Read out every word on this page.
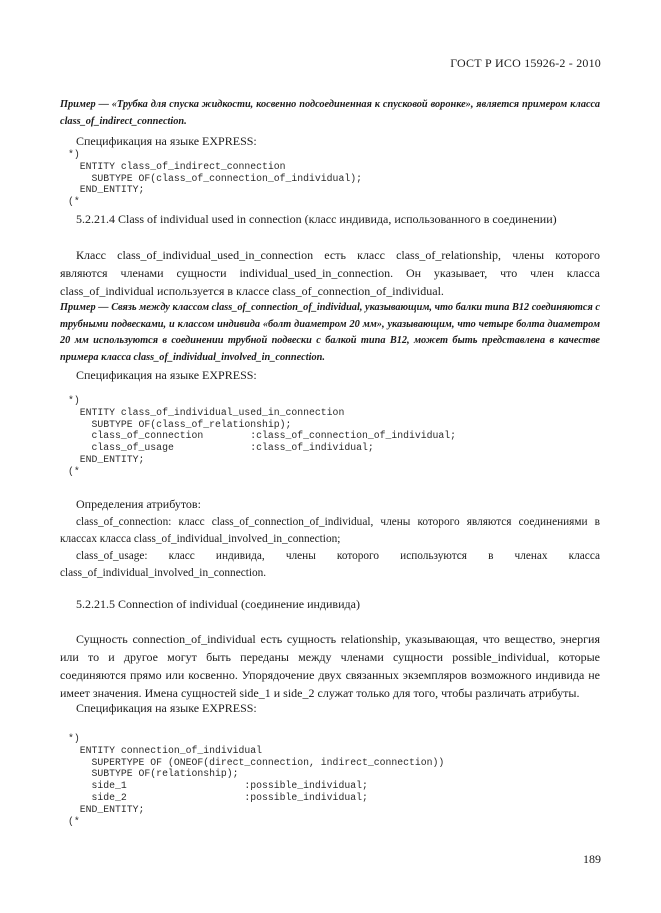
ГОСТ Р ИСО 15926-2 - 2010

Пример — «Трубка для спуска жидкости, косвенно подсоединенная к спусковой воронке», является примером класса class_of_indirect_connection.

Спецификация на языке EXPRESS:
*)
ENTITY class_of_indirect_connection
SUBTYPE OF(class_of_connection_of_individual);
END_ENTITY;
(*
5.2.21.4 Class of individual used in connection (класс индивида, использованного в соединении)

Класс class_of_individual_used_in_connection есть класс class_of_relationship, члены которого являются членами сущности individual_used_in_connection. Он указывает, что член класса class_of_individual используется в классе class_of_connection_of_individual.

Пример — Связь между классом class_of_connection_of_individual, указывающим, что балки типа В12 соединяются с трубными подвесками, и классом индивида «болт диаметром 20 мм», указывающим, что четыре болта диаметром 20 мм используются в соединении трубной подвески с балкой типа В12, может быть представлена в качестве примера класса class_of_individual_involved_in_connection.

Спецификация на языке EXPRESS:
*)
ENTITY class_of_individual_used_in_connection
SUBTYPE OF(class_of_relationship);
class_of_connection        :class_of_connection_of_individual;
class_of_usage             :class_of_individual;
END_ENTITY;
(*
Определения атрибутов:

class_of_connection: класс class_of_connection_of_individual, члены которого являются соединениями в классах класса class_of_individual_involved_in_connection;

class_of_usage: класс индивида, члены которого используются в членах класса class_of_individual_involved_in_connection.

5.2.21.5 Connection of individual (соединение индивида)

Сущность connection_of_individual есть сущность relationship, указывающая, что вещество, энергия или то и другое могут быть переданы между членами сущности possible_individual, которые соединяются прямо или косвенно. Упорядочение двух связанных экземпляров возможного индивида не имеет значения. Имена сущностей side_1 и side_2 служат только для того, чтобы различать атрибуты.

Спецификация на языке EXPRESS:
*)
ENTITY connection_of_individual
SUPERTYPE OF (ONEOF(direct_connection, indirect_connection))
SUBTYPE OF(relationship);
side_1                    :possible_individual;
side_2                    :possible_individual;
END_ENTITY;
(*
189
